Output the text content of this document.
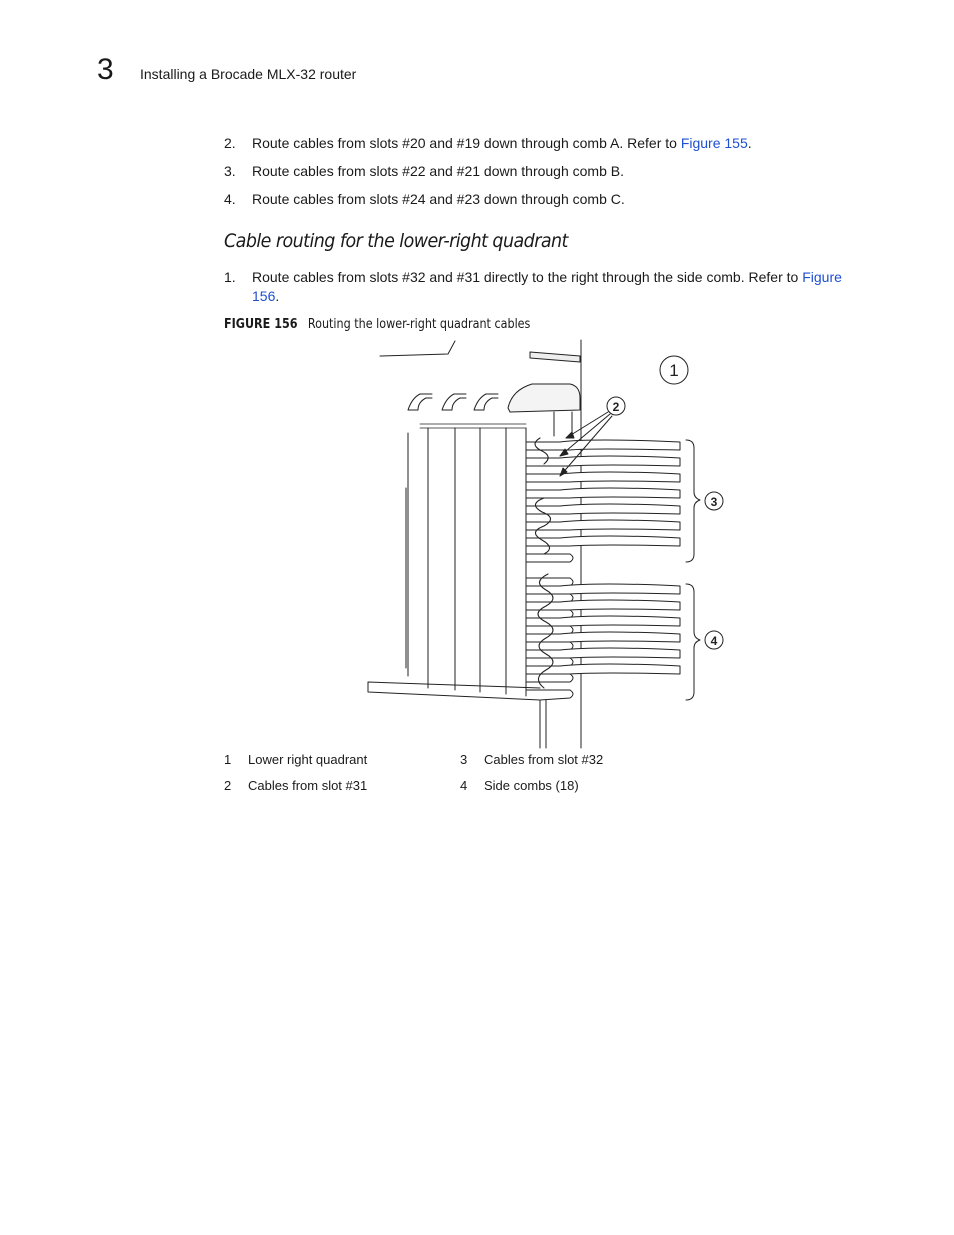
3 Installing a Brocade MLX-32 router
2. Route cables from slots #20 and #19 down through comb A. Refer to Figure 155.
3. Route cables from slots #22 and #21 down through comb B.
4. Route cables from slots #24 and #23 down through comb C.
Cable routing for the lower-right quadrant
1. Route cables from slots #32 and #31 directly to the right through the side comb. Refer to Figure 156.
FIGURE 156 Routing the lower-right quadrant cables
1
2
3
4
1 Lower right quadrant	3 Cables from slot #32
2 Cables from slot #31	4 Side combs (18)
